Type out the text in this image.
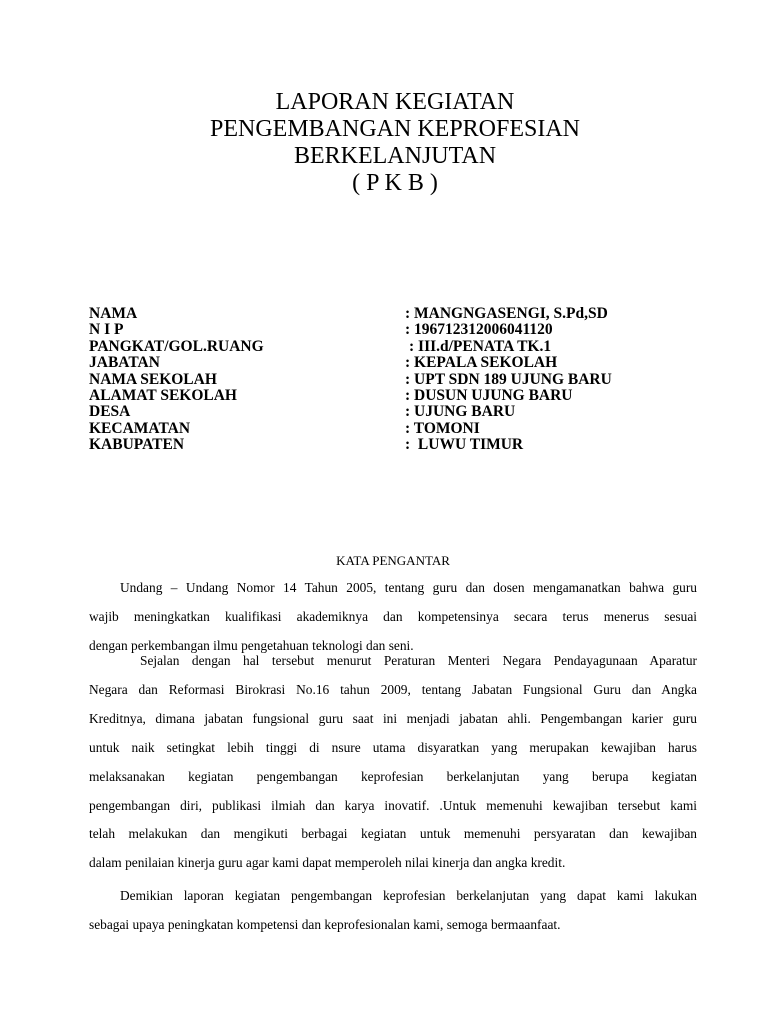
LAPORAN KEGIATAN
PENGEMBANGAN KEPROFESIAN
BERKELANJUTAN
( P K B )
NAMA	: MANGNGASENGI, S.Pd,SD
N I P	: 196712312006041120
PANGKAT/GOL.RUANG	: III.d/PENATA TK.1
JABATAN	: KEPALA SEKOLAH
NAMA SEKOLAH	: UPT SDN 189 UJUNG BARU
ALAMAT SEKOLAH	: DUSUN UJUNG BARU
DESA	: UJUNG BARU
KECAMATAN	: TOMONI
KABUPATEN	:  LUWU TIMUR
KATA PENGANTAR
Undang – Undang Nomor 14 Tahun 2005, tentang guru dan dosen mengamanatkan bahwa guru
wajib meningkatkan kualifikasi akademiknya dan kompetensinya secara terus menerus sesuai
dengan perkembangan ilmu pengetahuan teknologi dan seni.
Sejalan dengan hal tersebut menurut Peraturan Menteri Negara Pendayagunaan Aparatur
Negara dan Reformasi Birokrasi No.16 tahun 2009, tentang Jabatan Fungsional Guru dan Angka
Kreditnya, dimana jabatan fungsional guru saat ini menjadi jabatan ahli. Pengembangan karier guru
untuk naik setingkat lebih tinggi di nsure utama disyaratkan yang merupakan kewajiban harus
melaksanakan kegiatan pengembangan keprofesian berkelanjutan yang berupa kegiatan
pengembangan diri, publikasi ilmiah dan karya inovatif. .Untuk memenuhi kewajiban tersebut kami
telah melakukan dan mengikuti berbagai kegiatan untuk memenuhi persyaratan dan kewajiban
dalam penilaian kinerja guru agar kami dapat memperoleh nilai kinerja dan angka kredit.
Demikian laporan kegiatan pengembangan keprofesian berkelanjutan yang dapat kami lakukan
sebagai upaya peningkatan kompetensi dan keprofesionalan kami, semoga bermaanfaat.
